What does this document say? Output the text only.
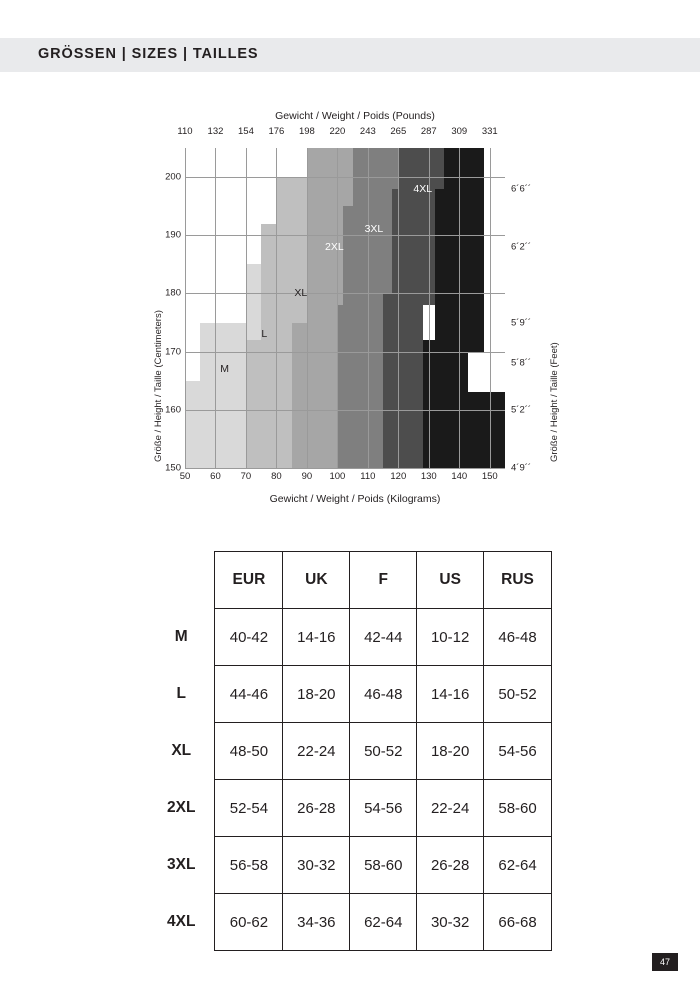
GRÖSSEN | SIZES | TAILLES
Gewicht / Weight / Poids (Pounds)
Gewicht / Weight / Poids (Kilograms)
M
L
XL
2XL
3XL
4XL
110 132 154 176 198 220 243 265 287 309 331
50 60 70 80 90 100 110 120 130 140 150
150
160
170
180
190
200
4´9´´
5´2´´
5´8´´
5´9´´
6´2´´
6´6´´
Größe / Height / Taille (Centimeters)	Größe / Height / Taille (Feet)
	EUR	UK	F	US	RUS
M	40-42	14-16	42-44	10-12	46-48
L	44-46	18-20	46-48	14-16	50-52
XL	48-50	22-24	50-52	18-20	54-56
2XL	52-54	26-28	54-56	22-24	58-60
3XL	56-58	30-32	58-60	26-28	62-64
4XL	60-62	34-36	62-64	30-32	66-68
47
